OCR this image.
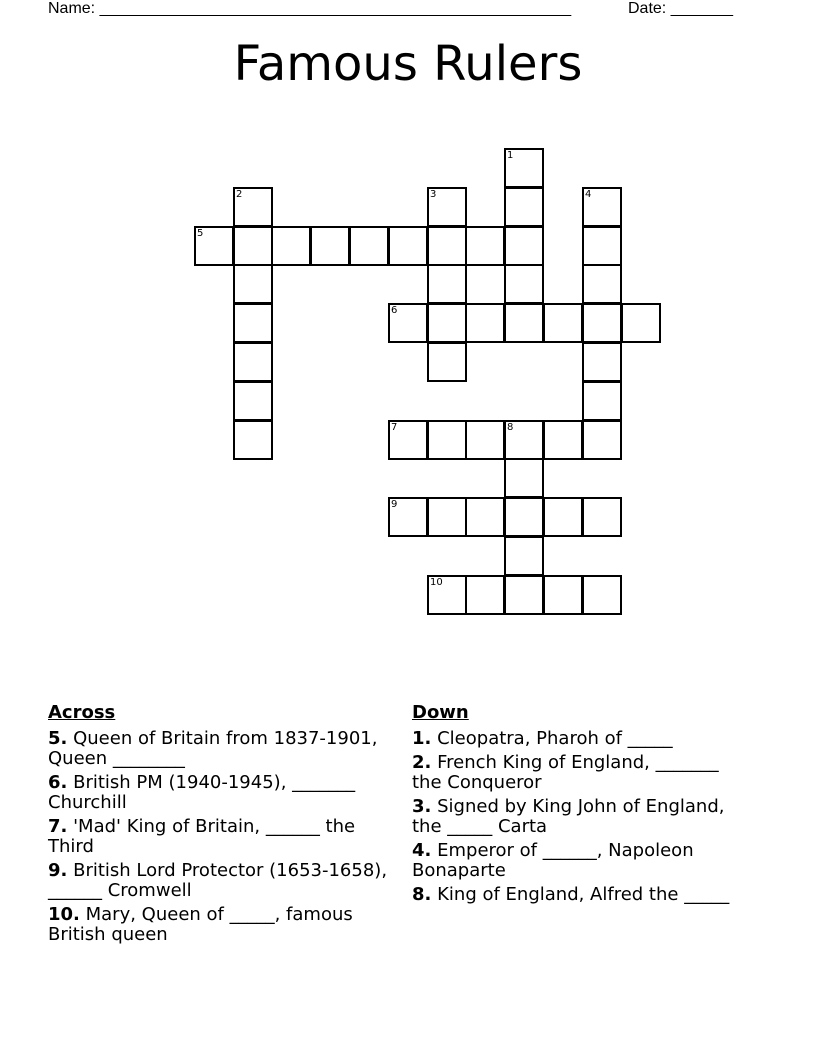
Name: _____________________________________________________	Date: _______
Famous Rulers
1
2	3	4
5
6
7	8
9
10
Across
5. Queen of Britain from 1837-1901, Queen ________
6. British PM (1940-1945), _______ Churchill
7. 'Mad' King of Britain, ______ the Third
9. British Lord Protector (1653-1658), ______ Cromwell
10. Mary, Queen of _____, famous British queen
Down
1. Cleopatra, Pharoh of _____
2. French King of England, _______ the Conqueror
3. Signed by King John of England, the _____ Carta
4. Emperor of ______, Napoleon Bonaparte
8. King of England, Alfred the _____
